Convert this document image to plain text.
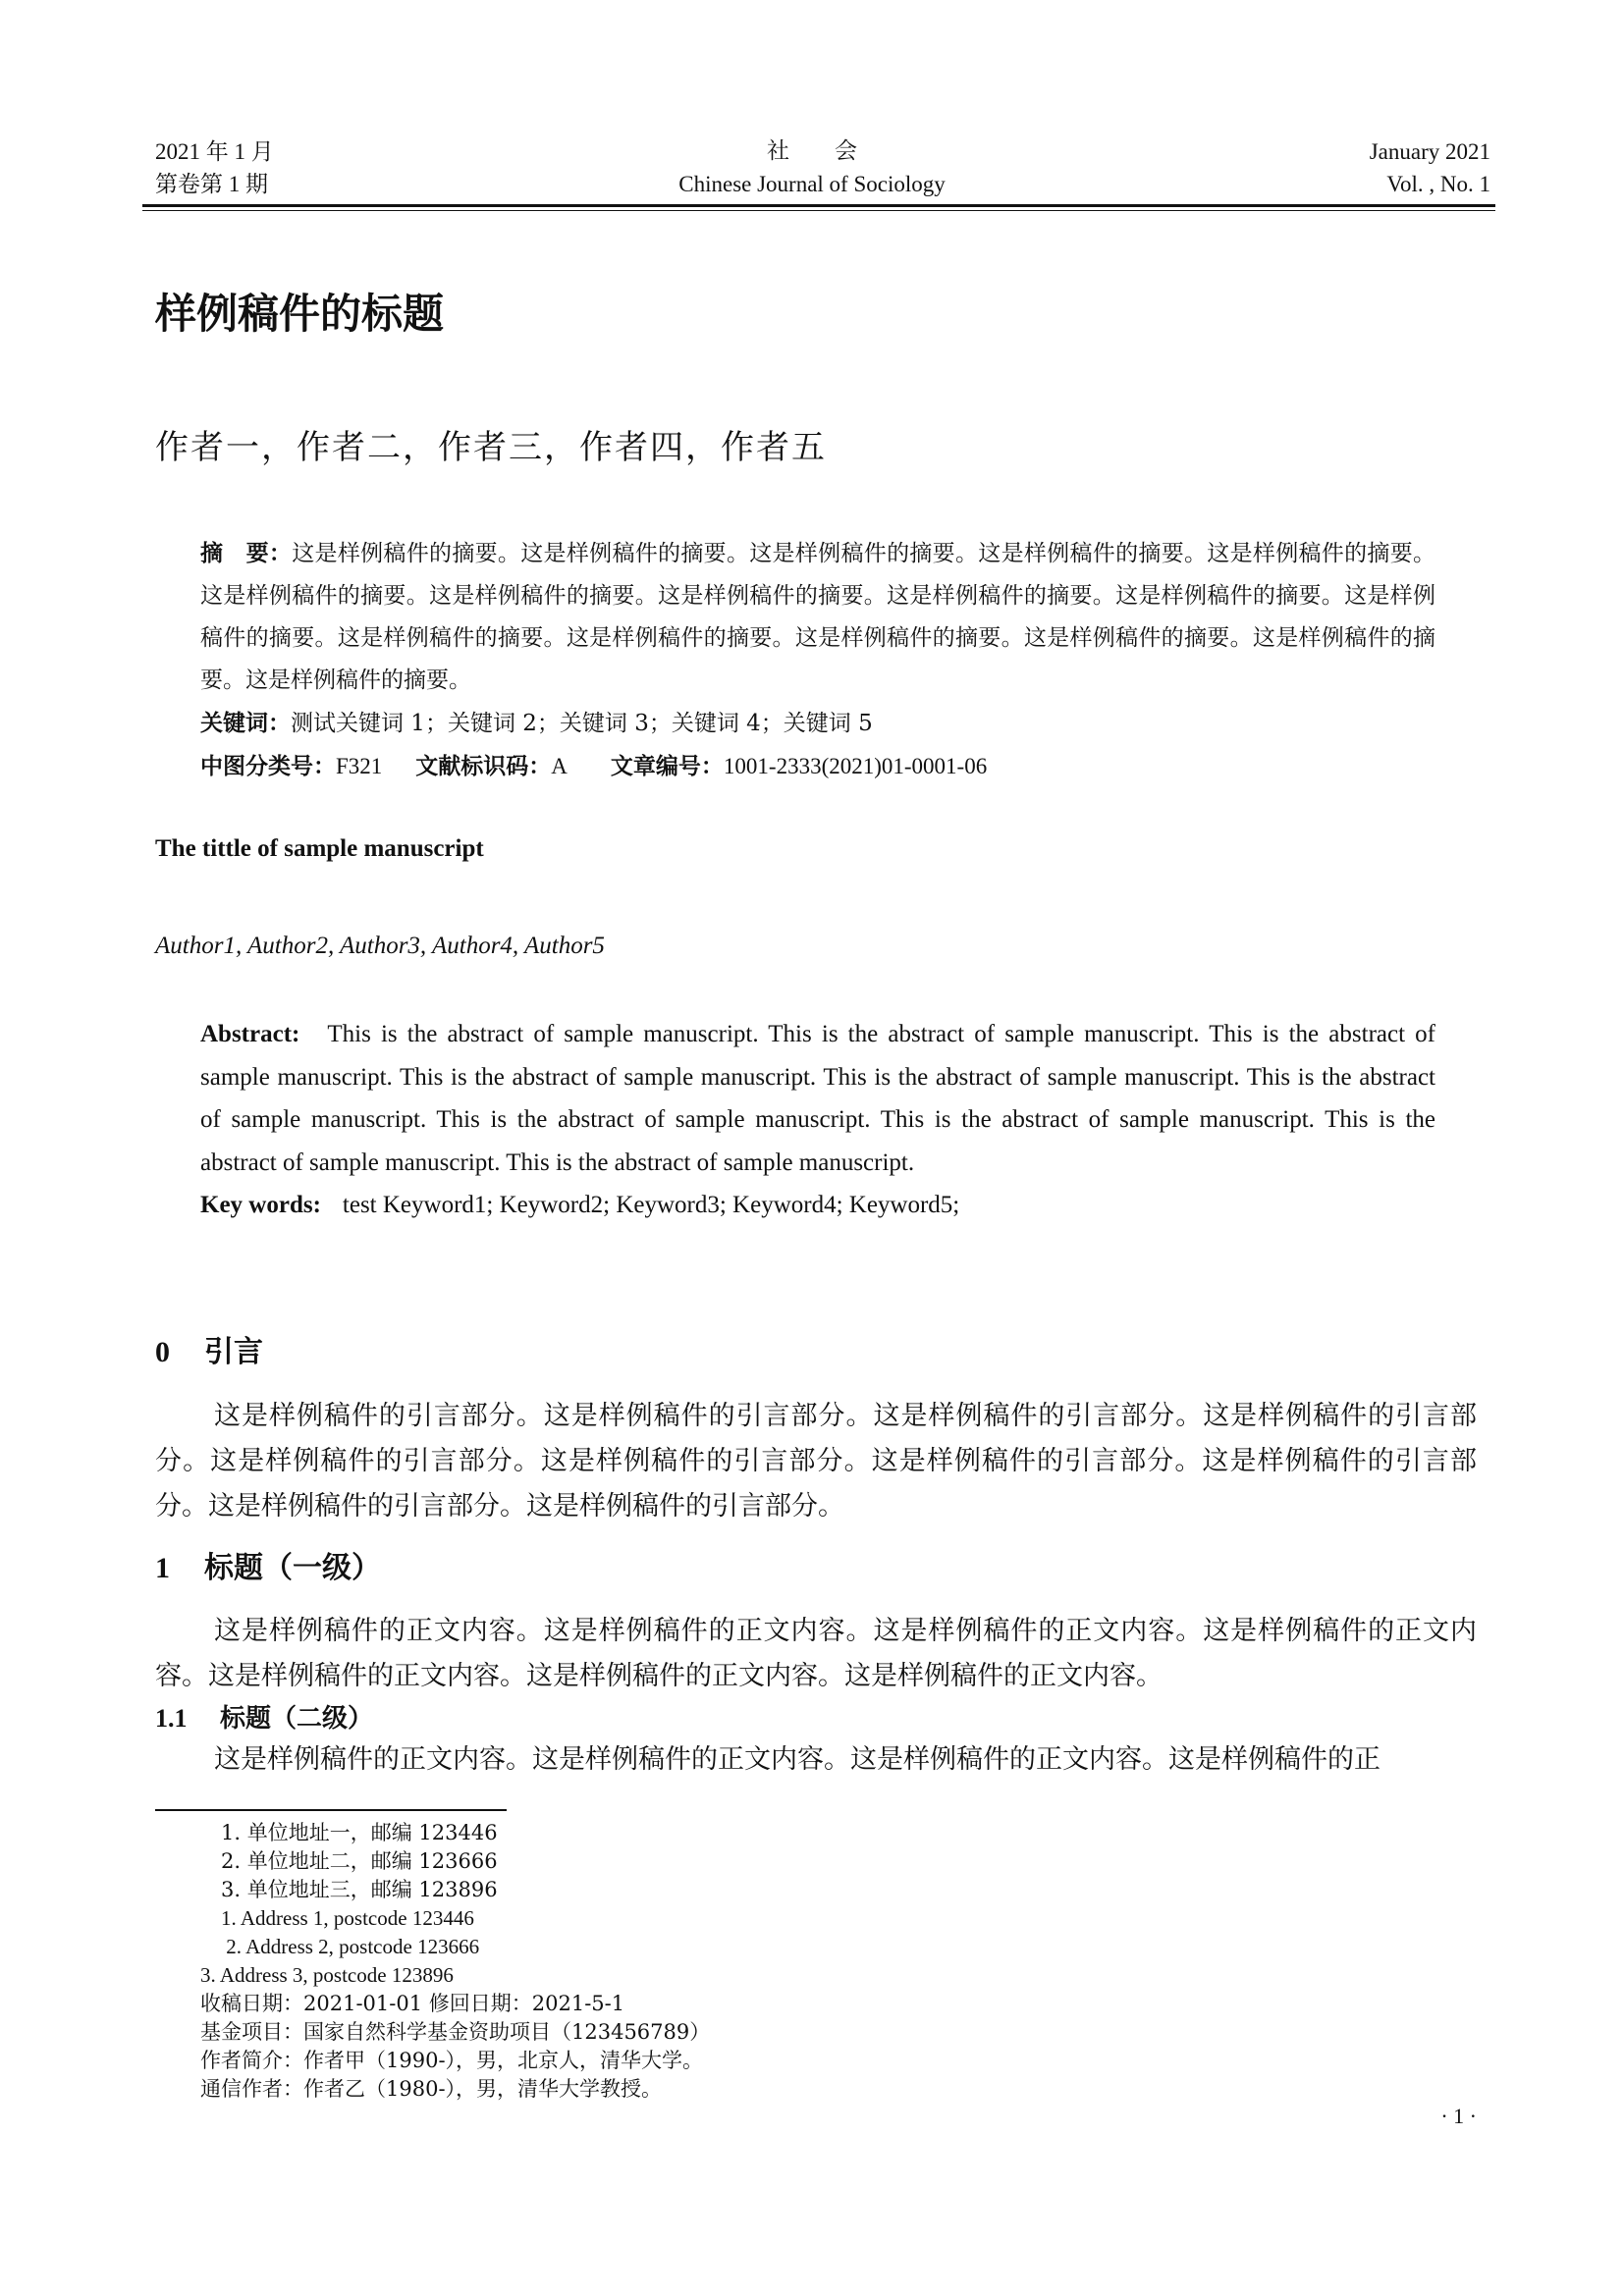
2021 年 1 月
第卷第 1 期
社　　会
Chinese Journal of Sociology
January 2021
Vol. , No. 1
样例稿件的标题
作者一，作者二，作者三，作者四，作者五

摘　要：这是样例稿件的摘要。这是样例稿件的摘要。这是样例稿件的摘要。这是样例稿件的摘要。这是样例稿件的摘要。这是样例稿件的摘要。这是样例稿件的摘要。这是样例稿件的摘要。这是样例稿件的摘要。这是样例稿件的摘要。这是样例稿件的摘要。这是样例稿件的摘要。这是样例稿件的摘要。这是样例稿件的摘要。这是样例稿件的摘要。这是样例稿件的摘要。这是样例稿件的摘要。

关键词：测试关键词 1；关键词 2；关键词 3；关键词 4；关键词 5

中图分类号：F321 文献标识码：A 文章编号：1001-2333(2021)01-0001-06

The tittle of sample manuscript
Author1, Author2, Author3, Author4, Author5

Abstract: This is the abstract of sample manuscript. This is the abstract of sample manuscript. This is the abstract of sample manuscript. This is the abstract of sample manuscript. This is the abstract of sample manuscript. This is the abstract of sample manuscript. This is the abstract of sample manuscript. This is the abstract of sample manuscript. This is the abstract of sample manuscript. This is the abstract of sample manuscript.

Key words: test Keyword1; Keyword2; Keyword3; Keyword4; Keyword5;

0 引言

这是样例稿件的引言部分。这是样例稿件的引言部分。这是样例稿件的引言部分。这是样例稿件的引言部分。这是样例稿件的引言部分。这是样例稿件的引言部分。这是样例稿件的引言部分。这是样例稿件的引言部分。这是样例稿件的引言部分。这是样例稿件的引言部分。

1 标题（一级）

这是样例稿件的正文内容。这是样例稿件的正文内容。这是样例稿件的正文内容。这是样例稿件的正文内容。这是样例稿件的正文内容。这是样例稿件的正文内容。这是样例稿件的正文内容。

1.1 标题（二级）

这是样例稿件的正文内容。这是样例稿件的正文内容。这是样例稿件的正文内容。这是样例稿件的正

　1. 单位地址一，邮编 123446
　2. 单位地址二，邮编 123666
　3. 单位地址三，邮编 123896
　1. Address 1, postcode 123446
　 2. Address 2, postcode 123666
3. Address 3, postcode 123896
收稿日期：2021-01-01 修回日期：2021-5-1
基金项目：国家自然科学基金资助项目（123456789）
作者简介：作者甲（1990-），男，北京人，清华大学。
通信作者：作者乙（1980-），男，清华大学教授。
· 1 ·
